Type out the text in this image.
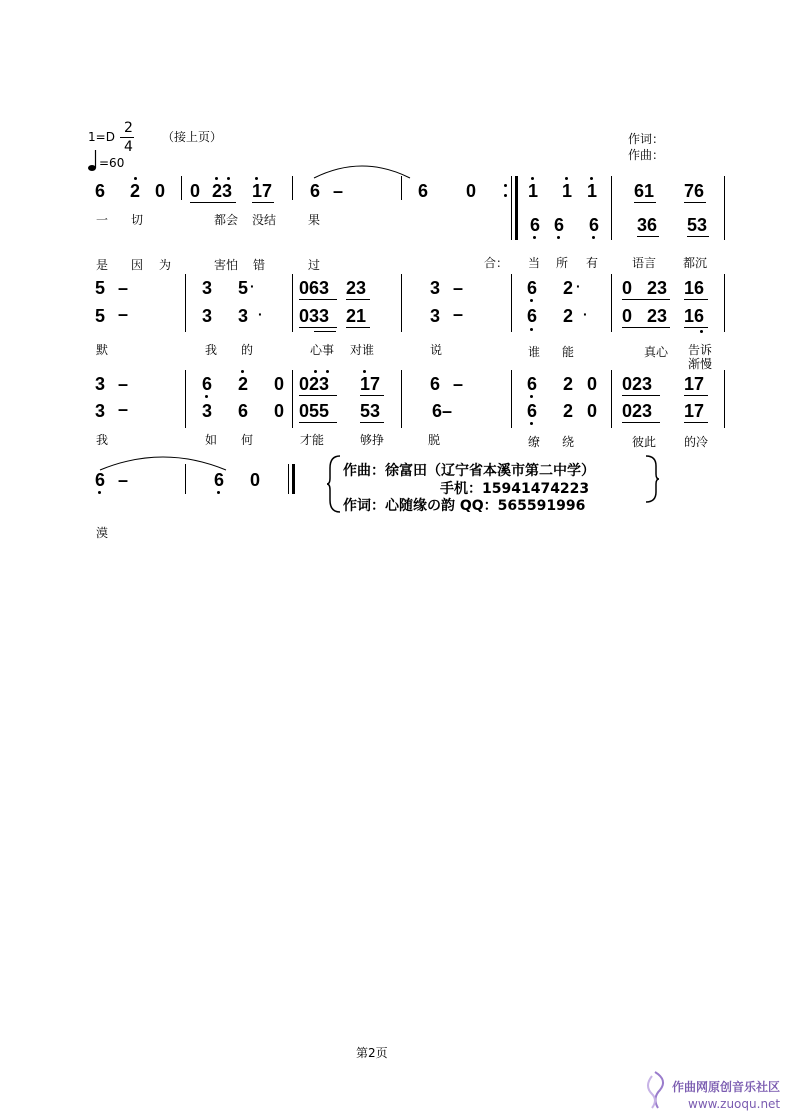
1=D
2
4
（接上页）
=60
作词：
作曲：
6 2 0 0 23 17 6 –	6 0	1 1 1 61 76
6 6 6 36 53
一 切	都会 没结	果
是 因 为	害怕 错	过	合： 当 所 有	语言 都沉
5 –	3 5 · 063 23	3 –	6 2 · 0 23 16
5 –	3 3 · 033 21	3 –	6 2 · 0 23 16
默	我 的	心事 对谁	说	谁 能	真心 告诉
渐慢
3 –	6 2 0 023 17	6 –	6 2 0 023 17
3 –	3 6 0 055 53	6–	6 2 0 023 17
我	如 何	才能	够挣	脱	缭 绕	彼此 的冷
6 –	6 0
漠
作曲：徐富田（辽宁省本溪市第二中学）
手机：15941474223
作词：心随缘の韵 QQ：565591996
第2页
作曲网原创音乐社区
www.zuoqu.net
